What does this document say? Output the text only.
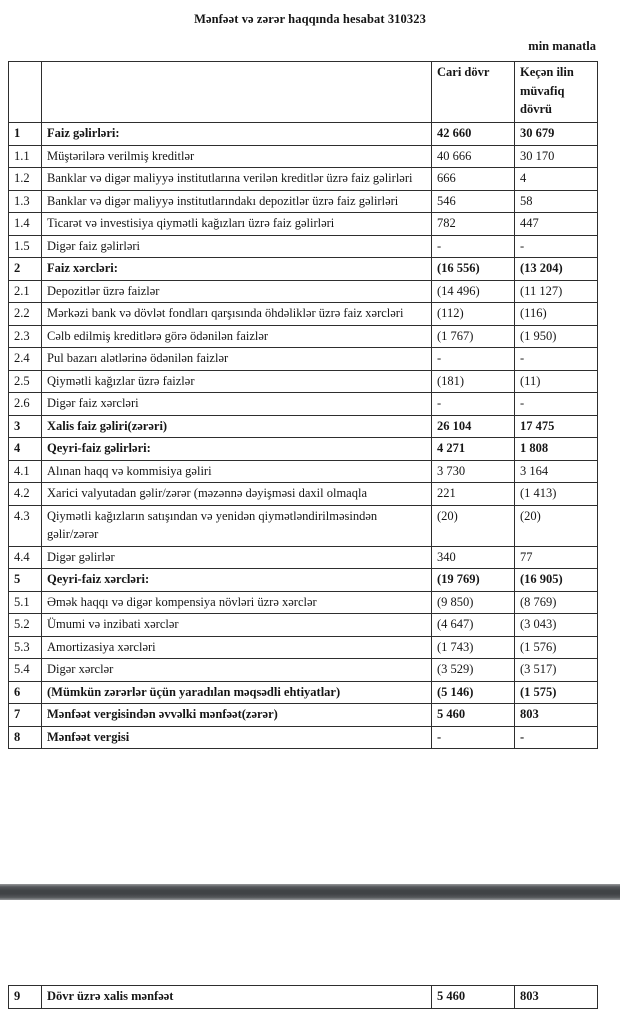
Mənfəət və zərər haqqında hesabat 310323
min manatla
		Cari dövr	Keçən ilin müvafiq dövrü
1	Faiz gəlirləri:	42 660	30 679
1.1	Müştərilərə verilmiş kreditlər	40 666	30 170
1.2	Banklar və digər maliyyə institutlarına verilən kreditlər üzrə faiz gəlirləri	666	4
1.3	Banklar və digər maliyyə institutlarındakı depozitlər üzrə faiz gəlirləri	546	58
1.4	Ticarət və investisiya qiymətli kağızları üzrə faiz gəlirləri	782	447
1.5	Digər faiz gəlirləri	-	-
2	Faiz xərcləri:	(16 556)	(13 204)
2.1	Depozitlər üzrə faizlər	(14 496)	(11 127)
2.2	Mərkəzi bank və dövlət fondları qarşısında öhdəliklər üzrə faiz xərcləri	(112)	(116)
2.3	Cəlb edilmiş kreditlərə görə ödənilən faizlər	(1 767)	(1 950)
2.4	Pul bazarı alətlərinə ödənilən faizlər	-	-
2.5	Qiymətli kağızlar üzrə faizlər	(181)	(11)
2.6	Digər faiz xərcləri	-	-
3	Xalis faiz gəliri(zərəri)	26 104	17 475
4	Qeyri-faiz gəlirləri:	4 271	1 808
4.1	Alınan haqq və kommisiya gəliri	3 730	3 164
4.2	Xarici valyutadan gəlir/zərər (məzənnə dəyişməsi daxil olmaqla	221	(1 413)
4.3	Qiymətli kağızların satışından və yenidən qiymətləndirilməsindən gəlir/zərər	(20)	(20)
4.4	Digər gəlirlər	340	77
5	Qeyri-faiz xərcləri:	(19 769)	(16 905)
5.1	Əmək haqqı və digər kompensiya növləri üzrə xərclər	(9 850)	(8 769)
5.2	Ümumi və inzibati xərclər	(4 647)	(3 043)
5.3	Amortizasiya xərcləri	(1 743)	(1 576)
5.4	Digər xərclər	(3 529)	(3 517)
6	(Mümkün zərərlər üçün yaradılan məqsədli ehtiyatlar)	(5 146)	(1 575)
7	Mənfəət vergisindən əvvəlki mənfəət(zərər)	5 460	803
8	Mənfəət vergisi	-	-
9	Dövr üzrə xalis mənfəət	5 460	803
